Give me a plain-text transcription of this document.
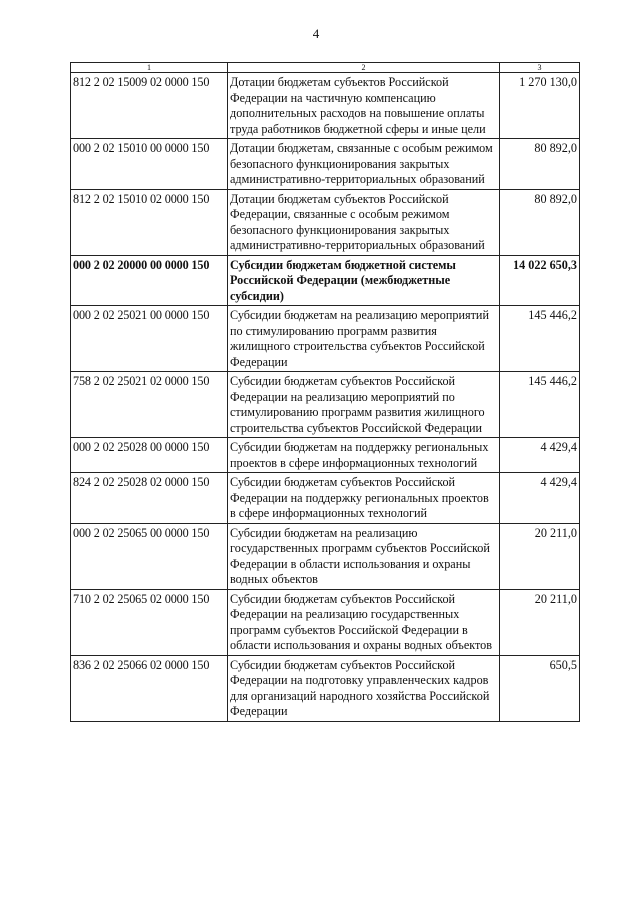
4
1	2	3
812 2 02 15009 02 0000 150	Дотации бюджетам субъектов Российской Федерации на частичную компенсацию дополнительных расходов на повышение оплаты труда работников бюджетной сферы и иные цели	1 270 130,0
000 2 02 15010 00 0000 150	Дотации бюджетам, связанные с особым режимом безопасного функционирования закрытых административно-территориальных образований	80 892,0
812 2 02 15010 02 0000 150	Дотации бюджетам субъектов Российской Федерации, связанные с особым режимом безопасного функционирования закрытых административно-территориальных образований	80 892,0
000 2 02 20000 00 0000 150	Субсидии бюджетам бюджетной системы Российской Федерации (межбюджетные субсидии)	14 022 650,3
000 2 02 25021 00 0000 150	Субсидии бюджетам на реализацию мероприятий по стимулированию программ развития жилищного строительства субъектов Российской Федерации	145 446,2
758 2 02 25021 02 0000 150	Субсидии бюджетам субъектов Российской Федерации на реализацию мероприятий по стимулированию программ развития жилищного строительства субъектов Российской Федерации	145 446,2
000 2 02 25028 00 0000 150	Субсидии бюджетам на поддержку региональных проектов в сфере информационных технологий	4 429,4
824 2 02 25028 02 0000 150	Субсидии бюджетам субъектов Российской Федерации на поддержку региональных проектов в сфере информационных технологий	4 429,4
000 2 02 25065 00 0000 150	Субсидии бюджетам на реализацию государственных программ субъектов Российской Федерации в области использования и охраны водных объектов	20 211,0
710 2 02 25065 02 0000 150	Субсидии бюджетам субъектов Российской Федерации на реализацию государственных программ субъектов Российской Федерации в области использования и охраны водных объектов	20 211,0
836 2 02 25066 02 0000 150	Субсидии бюджетам субъектов Российской Федерации на подготовку управленческих кадров для организаций народного хозяйства Российской Федерации	650,5
